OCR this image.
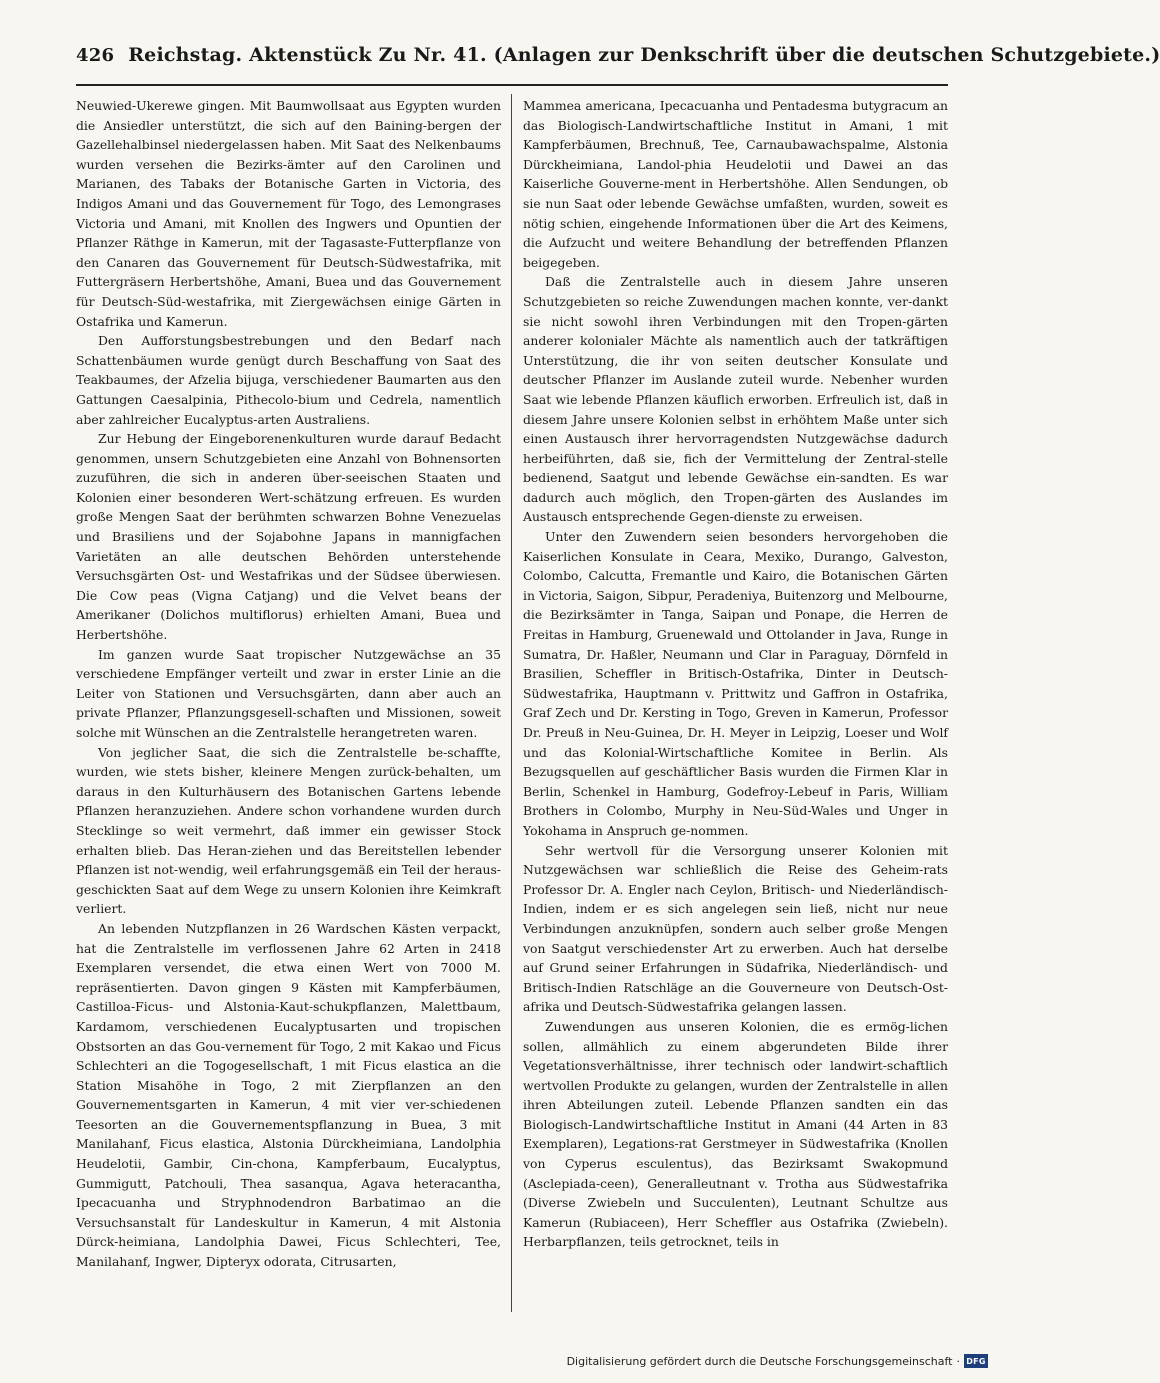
426 Reichstag. Aktenstück Zu Nr. 41. (Anlagen zur Denkschrift über die deutschen Schutzgebiete.)

Neuwied-Ukerewe gingen. Mit Baumwollsaat aus Egypten wurden die Ansiedler unterstützt, die sich auf den Baining-bergen der Gazellehalbinsel niedergelassen haben. Mit Saat des Nelkenbaums wurden versehen die Bezirks-ämter auf den Carolinen und Marianen, des Tabaks der Botanische Garten in Victoria, des Indigos Amani und das Gouvernement für Togo, des Lemongrases Victoria und Amani, mit Knollen des Ingwers und Opuntien der Pflanzer Räthge in Kamerun, mit der Tagasaste-Futterpflanze von den Canaren das Gouvernement für Deutsch-Südwestafrika, mit Futtergräsern Herbertshöhe, Amani, Buea und das Gouvernement für Deutsch-Süd-westafrika, mit Ziergewächsen einige Gärten in Ostafrika und Kamerun.

Den Aufforstungsbestrebungen und den Bedarf nach Schattenbäumen wurde genügt durch Beschaffung von Saat des Teakbaumes, der Afzelia bijuga, verschiedener Baumarten aus den Gattungen Caesalpinia, Pithecolo-bium und Cedrela, namentlich aber zahlreicher Eucalyptus-arten Australiens.

Zur Hebung der Eingeborenenkulturen wurde darauf Bedacht genommen, unsern Schutzgebieten eine Anzahl von Bohnensorten zuzuführen, die sich in anderen über-seeischen Staaten und Kolonien einer besonderen Wert-schätzung erfreuen. Es wurden große Mengen Saat der berühmten schwarzen Bohne Venezuelas und Brasiliens und der Sojabohne Japans in mannigfachen Varietäten an alle deutschen Behörden unterstehende Versuchsgärten Ost- und Westafrikas und der Südsee überwiesen. Die Cow peas (Vigna Catjang) und die Velvet beans der Amerikaner (Dolichos multiflorus) erhielten Amani, Buea und Herbertshöhe.

Im ganzen wurde Saat tropischer Nutzgewächse an 35 verschiedene Empfänger verteilt und zwar in erster Linie an die Leiter von Stationen und Versuchsgärten, dann aber auch an private Pflanzer, Pflanzungsgesell-schaften und Missionen, soweit solche mit Wünschen an die Zentralstelle herangetreten waren.

Von jeglicher Saat, die sich die Zentralstelle be-schaffte, wurden, wie stets bisher, kleinere Mengen zurück-behalten, um daraus in den Kulturhäusern des Botanischen Gartens lebende Pflanzen heranzuziehen. Andere schon vorhandene wurden durch Stecklinge so weit vermehrt, daß immer ein gewisser Stock erhalten blieb. Das Heran-ziehen und das Bereitstellen lebender Pflanzen ist not-wendig, weil erfahrungsgemäß ein Teil der heraus-geschickten Saat auf dem Wege zu unsern Kolonien ihre Keimkraft verliert.

An lebenden Nutzpflanzen in 26 Wardschen Kästen verpackt, hat die Zentralstelle im verflossenen Jahre 62 Arten in 2418 Exemplaren versendet, die etwa einen Wert von 7000 M. repräsentierten. Davon gingen 9 Kästen mit Kampferbäumen, Castilloa-Ficus- und Alstonia-Kaut-schukpflanzen, Malettbaum, Kardamom, verschiedenen Eucalyptusarten und tropischen Obstsorten an das Gou-vernement für Togo, 2 mit Kakao und Ficus Schlechteri an die Togogesellschaft, 1 mit Ficus elastica an die Station Misahöhe in Togo, 2 mit Zierpflanzen an den Gouvernementsgarten in Kamerun, 4 mit vier ver-schiedenen Teesorten an die Gouvernementspflanzung in Buea, 3 mit Manilahanf, Ficus elastica, Alstonia Dürckheimiana, Landolphia Heudelotii, Gambir, Cin-chona, Kampferbaum, Eucalyptus, Gummigutt, Patchouli, Thea sasanqua, Agava heteracantha, Ipecacuanha und Stryphnodendron Barbatimao an die Versuchsanstalt für Landeskultur in Kamerun, 4 mit Alstonia Dürck-heimiana, Landolphia Dawei, Ficus Schlechteri, Tee, Manilahanf, Ingwer, Dipteryx odorata, Citrusarten,

Mammea americana, Ipecacuanha und Pentadesma butygracum an das Biologisch-Landwirtschaftliche Institut in Amani, 1 mit Kampferbäumen, Brechnuß, Tee, Carnaubawachspalme, Alstonia Dürckheimiana, Landol-phia Heudelotii und Dawei an das Kaiserliche Gouverne-ment in Herbertshöhe. Allen Sendungen, ob sie nun Saat oder lebende Gewächse umfaßten, wurden, soweit es nötig schien, eingehende Informationen über die Art des Keimens, die Aufzucht und weitere Behandlung der betreffenden Pflanzen beigegeben.

Daß die Zentralstelle auch in diesem Jahre unseren Schutzgebieten so reiche Zuwendungen machen konnte, ver-dankt sie nicht sowohl ihren Verbindungen mit den Tropen-gärten anderer kolonialer Mächte als namentlich auch der tatkräftigen Unterstützung, die ihr von seiten deutscher Konsulate und deutscher Pflanzer im Auslande zuteil wurde. Nebenher wurden Saat wie lebende Pflanzen käuflich erworben. Erfreulich ist, daß in diesem Jahre unsere Kolonien selbst in erhöhtem Maße unter sich einen Austausch ihrer hervorragendsten Nutzgewächse dadurch herbeiführten, daß sie, fich der Vermittelung der Zentral-stelle bedienend, Saatgut und lebende Gewächse ein-sandten. Es war dadurch auch möglich, den Tropen-gärten des Auslandes im Austausch entsprechende Gegen-dienste zu erweisen.

Unter den Zuwendern seien besonders hervorgehoben die Kaiserlichen Konsulate in Ceara, Mexiko, Durango, Galveston, Colombo, Calcutta, Fremantle und Kairo, die Botanischen Gärten in Victoria, Saigon, Sibpur, Peradeniya, Buitenzorg und Melbourne, die Bezirksämter in Tanga, Saipan und Ponape, die Herren de Freitas in Hamburg, Gruenewald und Ottolander in Java, Runge in Sumatra, Dr. Haßler, Neumann und Clar in Paraguay, Dörnfeld in Brasilien, Scheffler in Britisch-Ostafrika, Dinter in Deutsch-Südwestafrika, Hauptmann v. Prittwitz und Gaffron in Ostafrika, Graf Zech und Dr. Kersting in Togo, Greven in Kamerun, Professor Dr. Preuß in Neu-Guinea, Dr. H. Meyer in Leipzig, Loeser und Wolf und das Kolonial-Wirtschaftliche Komitee in Berlin. Als Bezugsquellen auf geschäftlicher Basis wurden die Firmen Klar in Berlin, Schenkel in Hamburg, Godefroy-Lebeuf in Paris, William Brothers in Colombo, Murphy in Neu-Süd-Wales und Unger in Yokohama in Anspruch ge-nommen.

Sehr wertvoll für die Versorgung unserer Kolonien mit Nutzgewächsen war schließlich die Reise des Geheim-rats Professor Dr. A. Engler nach Ceylon, Britisch- und Niederländisch-Indien, indem er es sich angelegen sein ließ, nicht nur neue Verbindungen anzuknüpfen, sondern auch selber große Mengen von Saatgut verschiedenster Art zu erwerben. Auch hat derselbe auf Grund seiner Erfahrungen in Südafrika, Niederländisch- und Britisch-Indien Ratschläge an die Gouverneure von Deutsch-Ost-afrika und Deutsch-Südwestafrika gelangen lassen.

Zuwendungen aus unseren Kolonien, die es ermög-lichen sollen, allmählich zu einem abgerundeten Bilde ihrer Vegetationsverhältnisse, ihrer technisch oder landwirt-schaftlich wertvollen Produkte zu gelangen, wurden der Zentralstelle in allen ihren Abteilungen zuteil. Lebende Pflanzen sandten ein das Biologisch-Landwirtschaftliche Institut in Amani (44 Arten in 83 Exemplaren), Legations-rat Gerstmeyer in Südwestafrika (Knollen von Cyperus esculentus), das Bezirksamt Swakopmund (Asclepiada-ceen), Generalleutnant v. Trotha aus Südwestafrika (Diverse Zwiebeln und Succulenten), Leutnant Schultze aus Kamerun (Rubiaceen), Herr Scheffler aus Ostafrika (Zwiebeln). Herbarpflanzen, teils getrocknet, teils in

Digitalisierung gefördert durch die Deutsche Forschungsgemeinschaft · DFG
